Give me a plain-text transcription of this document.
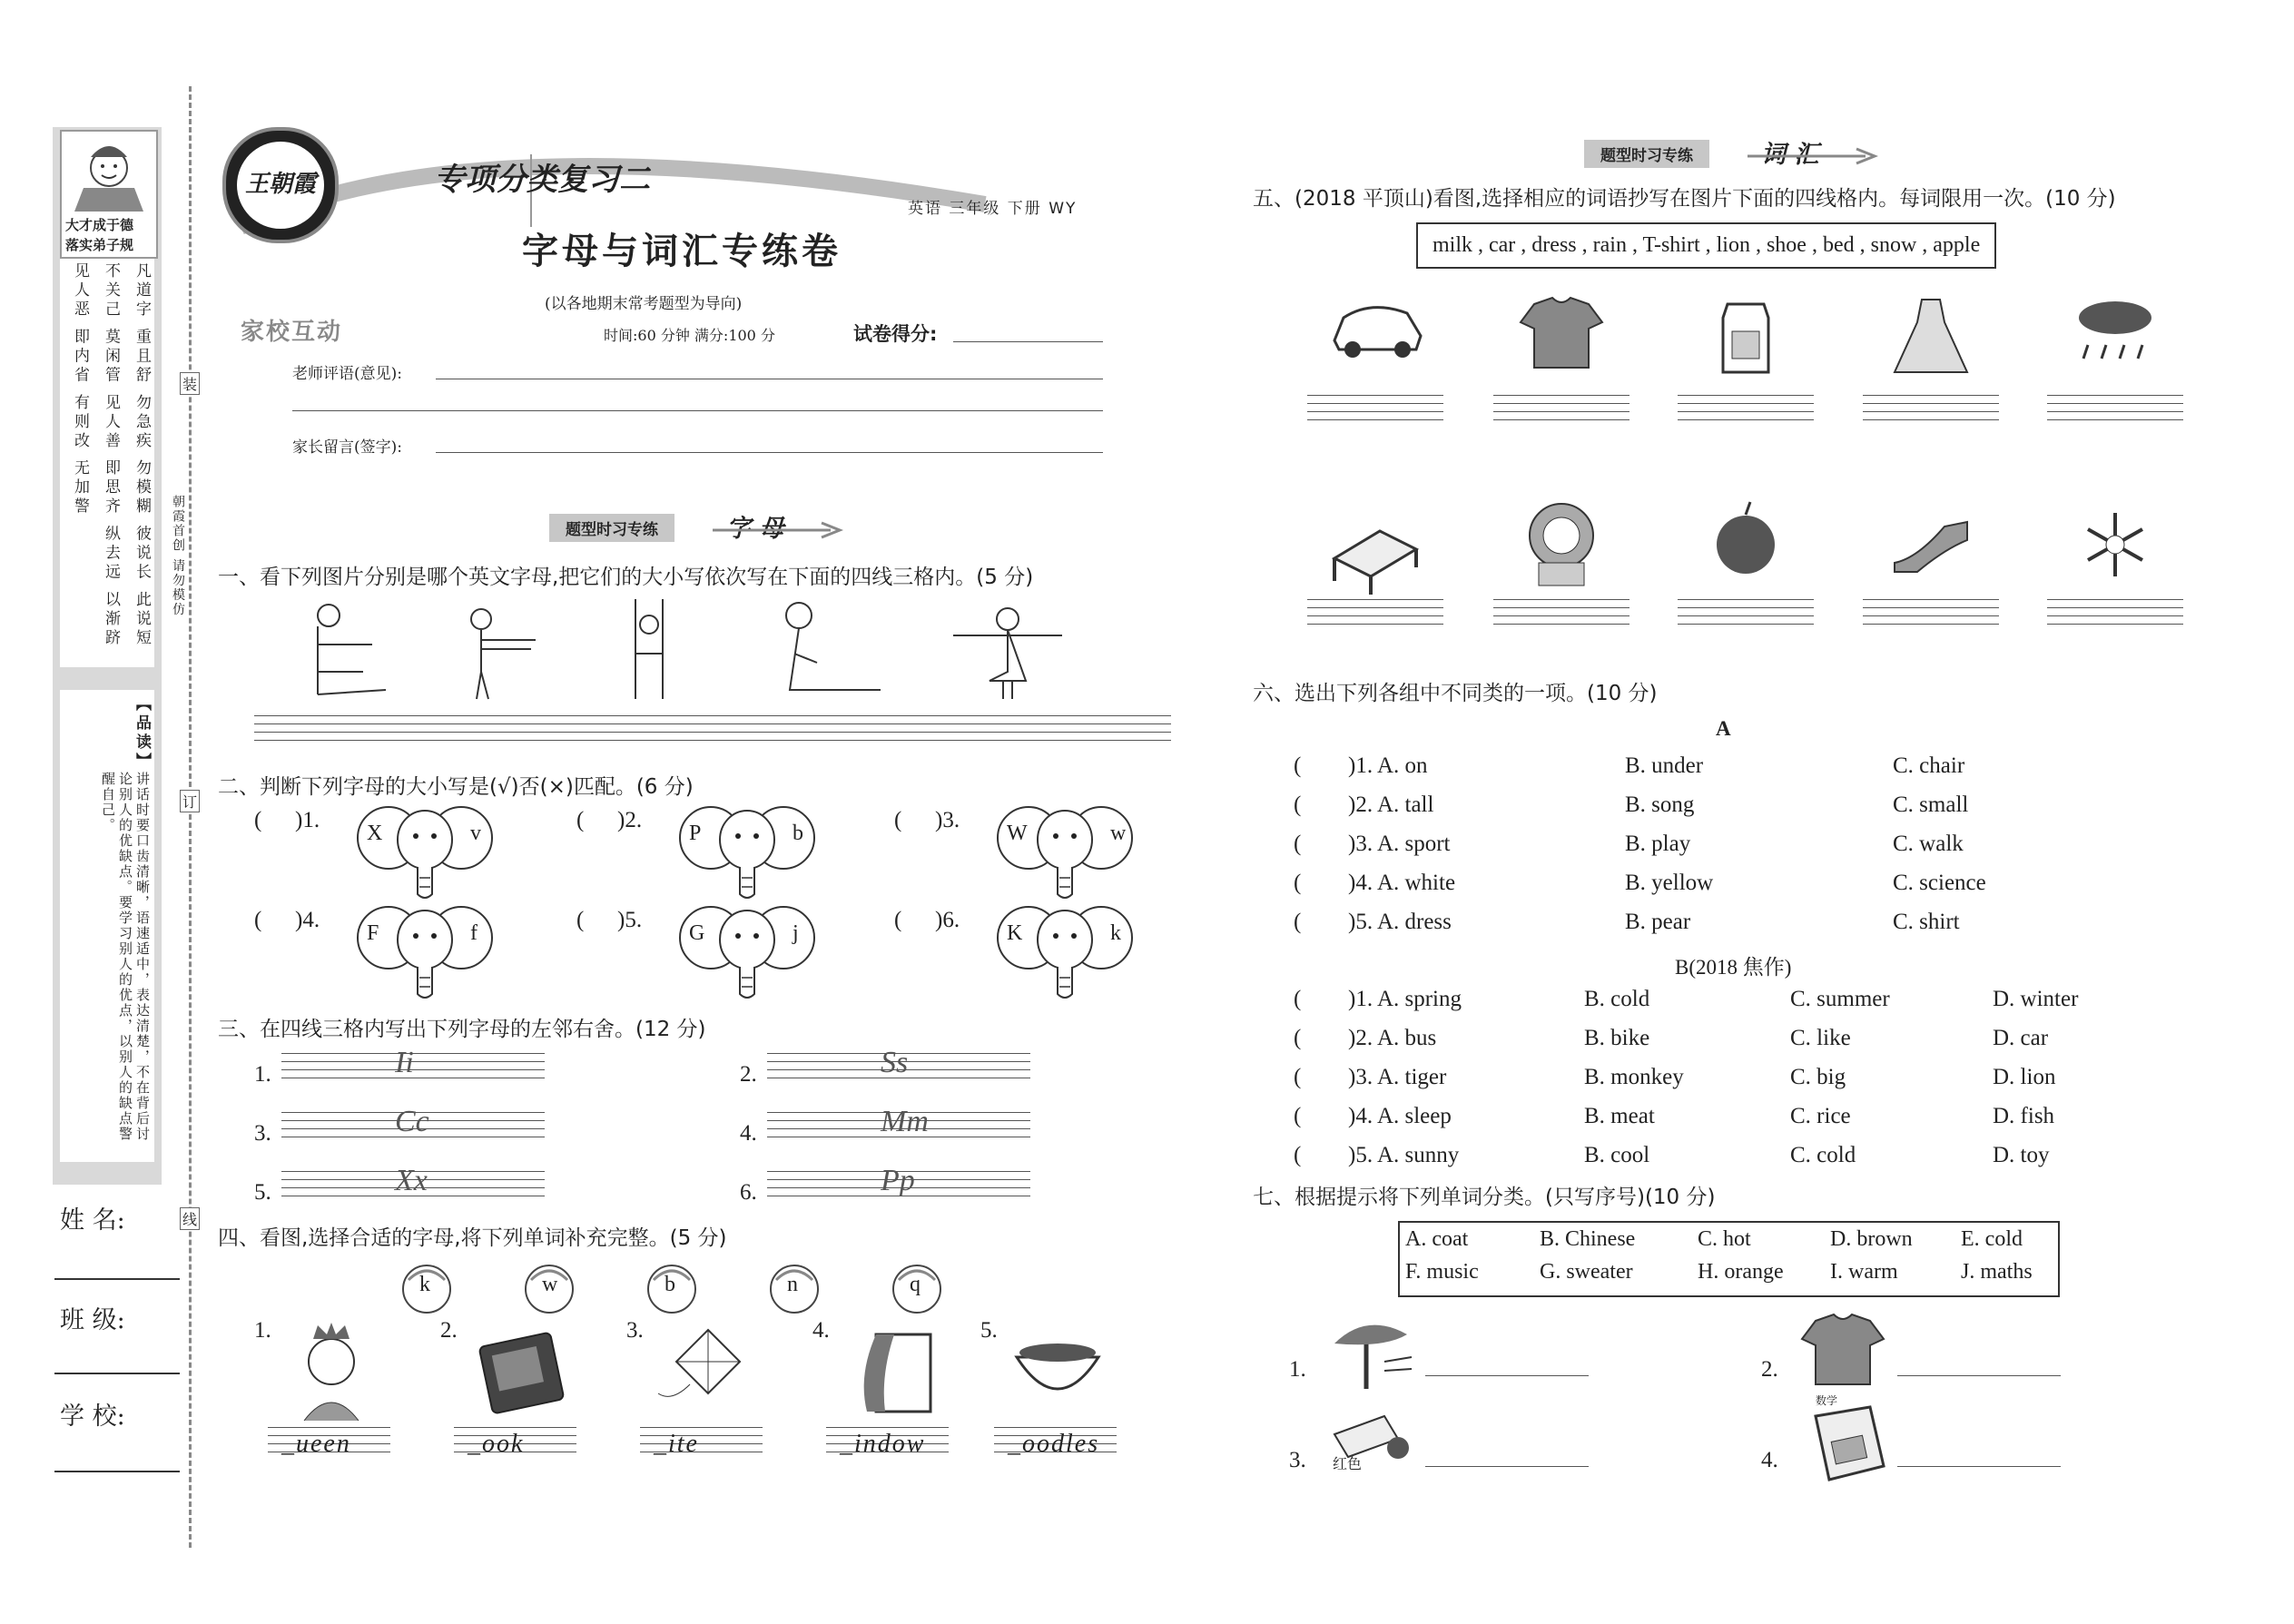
大才成于德
落实弟子规
凡道字 重且舒 勿急疾 勿模糊 彼说长 此说短
不关己 莫闲管 见人善 即思齐 纵去远 以渐跻
见人恶 即内省 有则改 无加警
【品读】
讲话时要口齿清晰，语速适中，表达清楚，不在背后讨论别人的优缺点。要学习别人的优点，以别人的缺点警醒自己。
姓 名:
班 级:
学 校:
装
订
线
朝霞首创 请勿模仿
王朝霞	专项分类复习二
字母与词汇专练卷
英语 三年级 下册 WY
(以各地期末常考题型为导向)
时间:60 分钟 满分:100 分	试卷得分:
家校互动
老师评语(意见):
家长留言(签字):
题型时习专练	字 母
一、看下列图片分别是哪个英文字母,把它们的大小写依次写在下面的四线三格内。(5 分)
二、判断下列字母的大小写是(√)否(×)匹配。(6 分)
三、在四线三格内写出下列字母的左邻右舍。(12 分)
四、看图,选择合适的字母,将下列单词补充完整。(5 分)
题型时习专练	词 汇
五、(2018 平顶山)看图,选择相应的词语抄写在图片下面的四线格内。每词限用一次。(10 分)
milk , car , dress , rain , T-shirt , lion , shoe , bed , snow , apple
六、选出下列各组中不同类的一项。(10 分)
A
B(2018 焦作)
七、根据提示将下列单词分类。(只写序号)(10 分)
( )1.
X	v
( )2.
P	b
( )3.
W	w
( )4.
F	f
( )5.
G	j
( )6.
K	k
1.	Ii	2.	Ss
3.	Cc	4.	Mm
5.	Xx	6.	Pp
k	w	b	n	q
1.
_ueen
2.
_ook
3.
_ite
4.
_indow
5.
_oodles
( )1. A. on	B. under	C. chair
( )2. A. tall	B. song	C. small
( )3. A. sport	B. play	C. walk
( )4. A. white	B. yellow	C. science
( )5. A. dress	B. pear	C. shirt
( )1. A. spring	B. cold	C. summer	D. winter
( )2. A. bus	B. bike	C. like	D. car
( )3. A. tiger	B. monkey	C. big	D. lion
( )4. A. sleep	B. meat	C. rice	D. fish
( )5. A. sunny	B. cool	C. cold	D. toy
A. coat	B. Chinese	C. hot	D. brown E. cold
F. music	G. sweater	H. orange I. warm	J. maths
1.	2.
3.	4.
红色
数学
